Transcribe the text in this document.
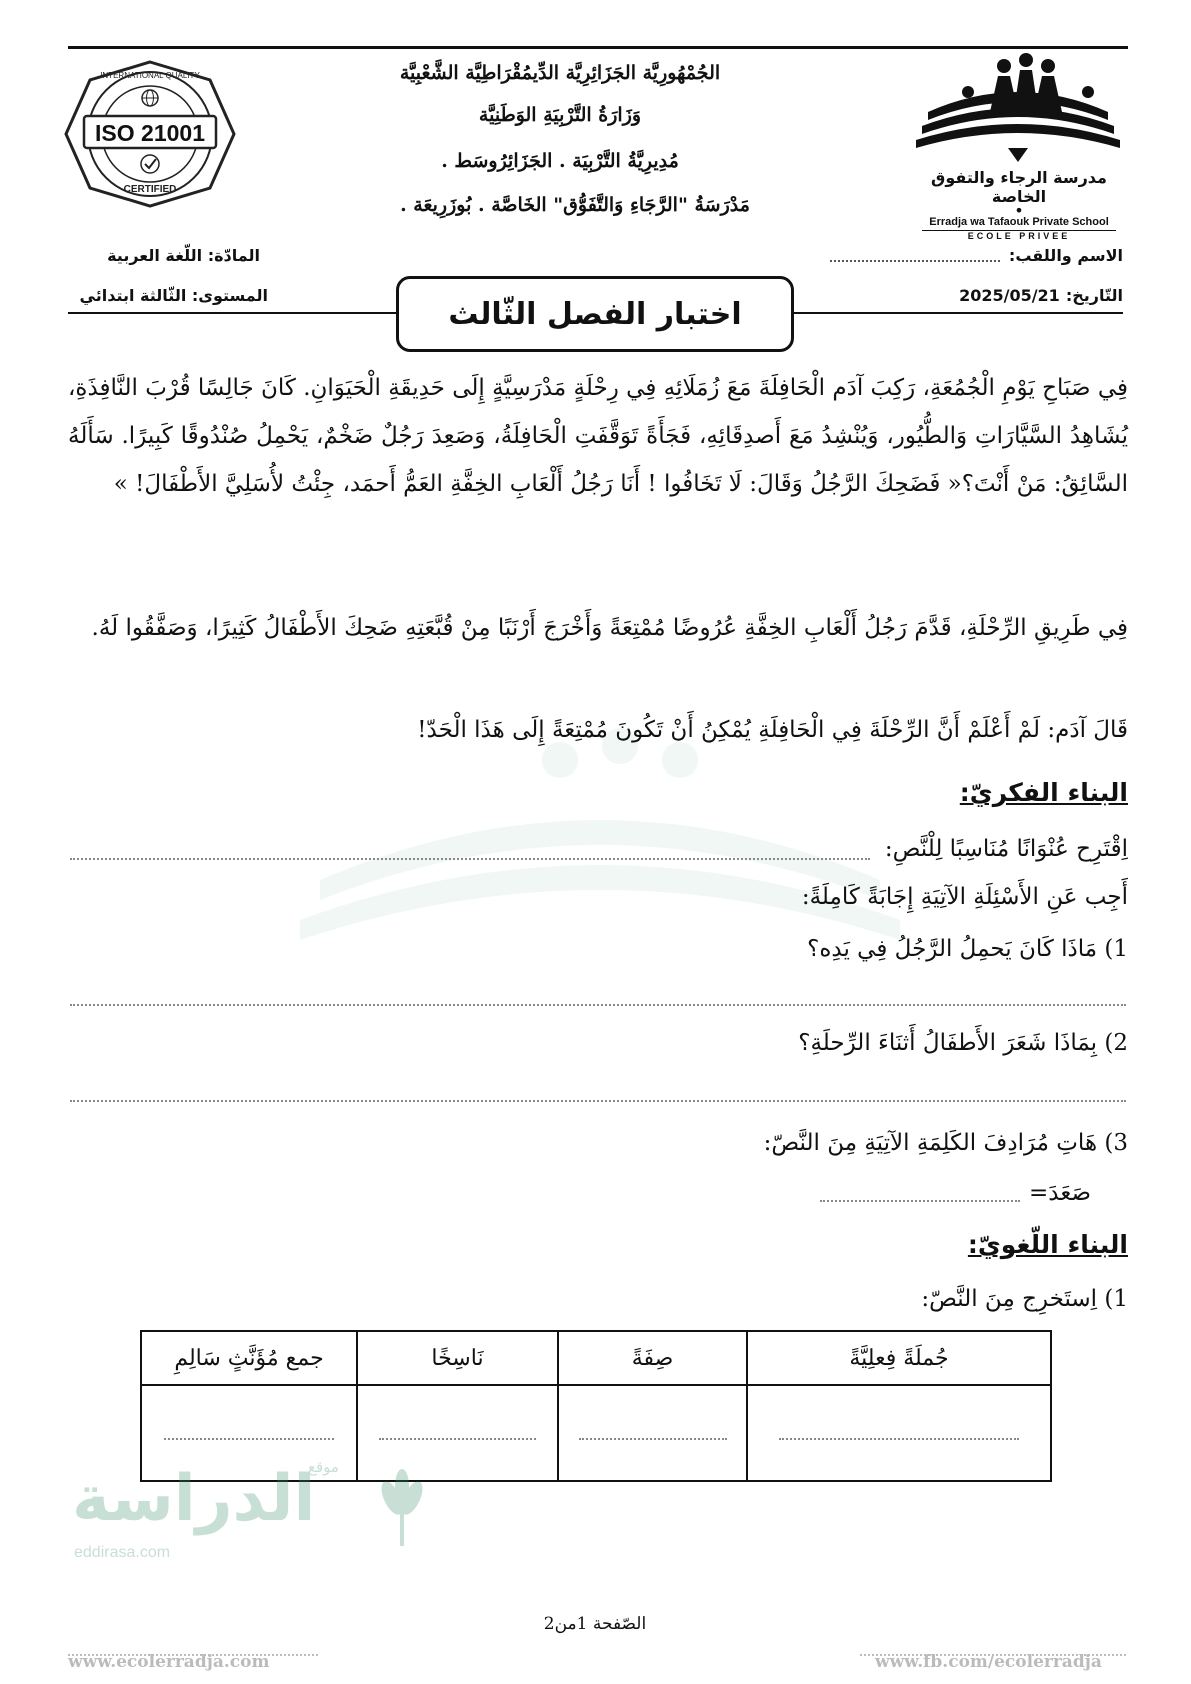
ISO 21001
INTERNATIONAL QUALITY
CERTIFIED
الجُمْهُورِيَّة الجَزَائِرِيَّة الدِّيمُقْرَاطِيَّة الشَّعْبِيَّة
وَزَارَةُ التَّرْبِيَةِ الوَطَنِيَّة
مُدِيرِيَّةُ التَّرْبِيَة . الجَزَائِرُوسَط .
مَدْرَسَةُ "الرَّجَاءِ وَالتَّفَوُّق" الخَاصَّة . بُوزَرِيعَة .
مدرسة الرجاء والتفوق الخاصة
•
Erradja wa Tafaouk Private School
ECOLE PRIVEE
الاسم واللقب:
المادّة: اللّغة العربية
التّاريخ:
2025/05/21
المستوى: الثّالثة ابتدائي
اختبار الفصل الثّالث
فِي صَبَاحِ يَوْمِ الْجُمُعَةِ، رَكِبَ آدَم الْحَافِلَةَ مَعَ زُمَلَائِهِ فِي رِحْلَةٍ مَدْرَسِيَّةٍ إِلَى حَدِيقَةِ الْحَيَوَانِ. كَانَ جَالِسًا قُرْبَ النَّافِذَةِ، يُشَاهِدُ السَّيَّارَاتِ وَالطُّيُور، وَيُنْشِدُ مَعَ أَصدِقَائِهِ، فَجَأَةً تَوَقَّفَتِ الْحَافِلَةُ، وَصَعِدَ رَجُلٌ ضَخْمٌ، يَحْمِلُ صُنْدُوقًا كَبِيرًا. سَأَلَهُ السَّائِقُ: مَنْ أَنْتَ؟« فَضَحِكَ الرَّجُلُ وَقَالَ: لَا تَخَافُوا ! أَنَا رَجُلُ أَلْعَابِ الخِفَّةِ العَمُّ أَحمَد، جِئْتُ لأُسَلِيَّ الأَطْفَالَ! »
فِي طَرِيقِ الرِّحْلَةِ، قَدَّمَ رَجُلُ أَلْعَابِ الخِفَّةِ عُرُوضًا مُمْتِعَةً وَأَخْرَجَ أَرْنَبًا مِنْ قُبَّعَتِهِ ضَحِكَ الأَطْفَالُ كَثِيرًا، وَصَفَّقُوا لَهُ.
قَالَ آدَم: لَمْ أَعْلَمْ أَنَّ الرِّحْلَةَ فِي الْحَافِلَةِ يُمْكِنُ أَنْ تَكُونَ مُمْتِعَةً إِلَى هَذَا الْحَدّ!
البناء الفكريّ:
اِقْتَرِح عُنْوَانًا مُنَاسِبًا لِلْنَّصِ:
أَجِب عَنِ الأَسْئِلَةِ الآتِيَةِ إِجَابَةً كَامِلَةً:
1) مَاذَا كَانَ يَحمِلُ الرَّجُلُ فِي يَدِه؟
2) بِمَاذَا شَعَرَ الأَطفَالُ أَثنَاءَ الرِّحلَةِ؟
3) هَاتِ مُرَادِفَ الكَلِمَةِ الآتِيَةِ مِنَ النَّصّ:
صَعَدَ=
البناء اللّغويّ:
1) اِستَخرِج مِنَ النَّصّ:
جُملَةً فِعلِيَّةً	صِفَةً	نَاسِخًا	جمع مُؤَنَّثٍ سَالِمِ

موقع
الدراسة
eddirasa.com
الصّفحة 1من2
www.ecolerradja.com	www.fb.com/ecolerradja
